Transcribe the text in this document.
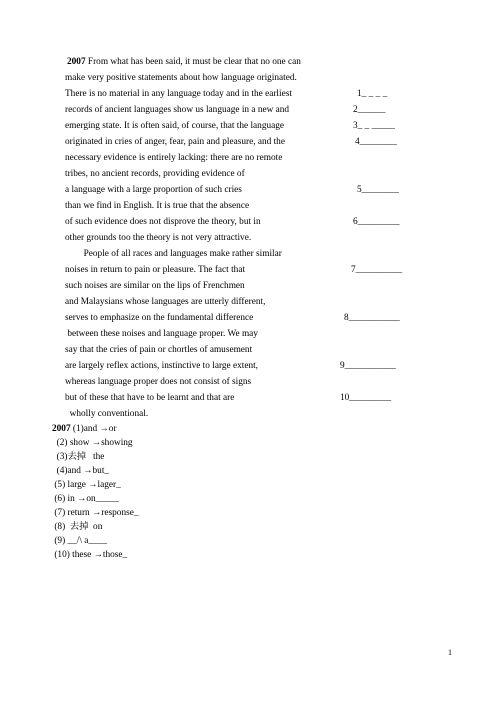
2007 From what has been said, it must be clear that no one can
make very positive statements about how language originated.
There is no material in any language today and in the earliest	1_ _ _ _
records of ancient languages show us language in a new and	2______
emerging state. It is often said, of course, that the language	3_ _ _____
originated in cries of anger, fear, pain and pleasure, and the	4________
necessary evidence is entirely lacking: there are no remote
tribes, no ancient records, providing evidence of
a language with a large proportion of such cries	5________
than we find in English. It is true that the absence
of such evidence does not disprove the theory, but in	6_________
other grounds too the theory is not very attractive.
People of all races and languages make rather similar
noises in return to pain or pleasure. The fact that	7__________
such noises are similar on the lips of Frenchmen
and Malaysians whose languages are utterly different,
serves to emphasize on the fundamental difference	8___________
between these noises and language proper. We may
say that the cries of pain or chortles of amusement
are largely reflex actions, instinctive to large extent,	9___________
whereas language proper does not consist of signs
but of these that have to be learnt and that are	10_________
wholly conventional.
2007 (1)and →or
(2) show →showing
(3)去掉   the
(4)and →but_
(5) large →lager_
(6) in →on_____
(7) return →response_
(8)  去掉  on
(9) __/\ a____
(10) these →those_
1
